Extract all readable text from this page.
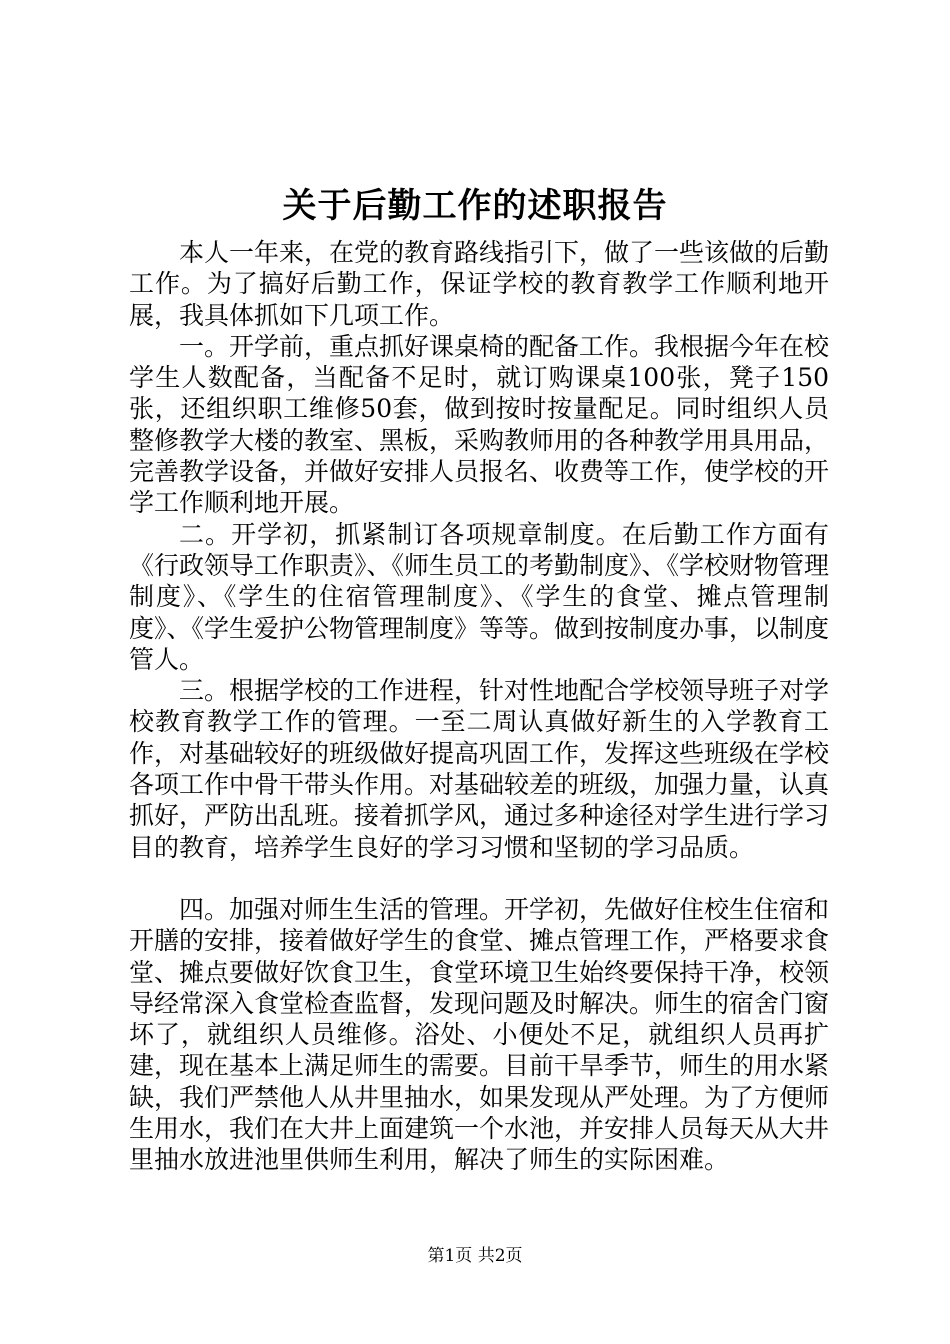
关于后勤工作的述职报告

本人一年来，在党的教育路线指引下，做了一些该做的后勤工作。为了搞好后勤工作，保证学校的教育教学工作顺利地开展，我具体抓如下几项工作。

一。开学前，重点抓好课桌椅的配备工作。我根据今年在校学生人数配备，当配备不足时，就订购课桌100张，凳子150张，还组织职工维修50套，做到按时按量配足。同时组织人员整修教学大楼的教室、黑板，采购教师用的各种教学用具用品，完善教学设备，并做好安排人员报名、收费等工作，使学校的开学工作顺利地开展。

二。开学初，抓紧制订各项规章制度。在后勤工作方面有《行政领导工作职责》、《师生员工的考勤制度》、《学校财物管理制度》、《学生的住宿管理制度》、《学生的食堂、摊点管理制度》、《学生爱护公物管理制度》等等。做到按制度办事，以制度管人。

三。根据学校的工作进程，针对性地配合学校领导班子对学校教育教学工作的管理。一至二周认真做好新生的入学教育工作，对基础较好的班级做好提高巩固工作，发挥这些班级在学校各项工作中骨干带头作用。对基础较差的班级，加强力量，认真抓好，严防出乱班。接着抓学风，通过多种途径对学生进行学习目的教育，培养学生良好的学习习惯和坚韧的学习品质。

四。加强对师生生活的管理。开学初，先做好住校生住宿和开膳的安排，接着做好学生的食堂、摊点管理工作，严格要求食堂、摊点要做好饮食卫生，食堂环境卫生始终要保持干净，校领导经常深入食堂检查监督，发现问题及时解决。师生的宿舍门窗坏了，就组织人员维修。浴处、小便处不足，就组织人员再扩建，现在基本上满足师生的需要。目前干旱季节，师生的用水紧缺，我们严禁他人从井里抽水，如果发现从严处理。为了方便师生用水，我们在大井上面建筑一个水池，并安排人员每天从大井里抽水放进池里供师生利用，解决了师生的实际困难。

第1页 共2页
